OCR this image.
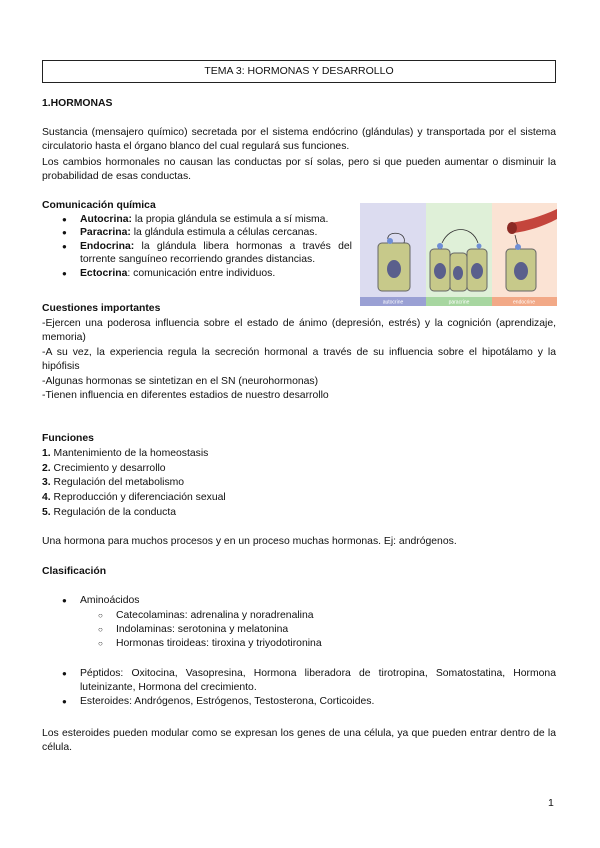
TEMA 3: HORMONAS Y DESARROLLO
1.HORMONAS
Sustancia (mensajero químico) secretada por el sistema endócrino (glándulas) y transportada por el sistema circulatorio hasta el órgano blanco del cual regulará sus funciones.
Los cambios hormonales no causan las conductas por sí solas, pero si que pueden aumentar o disminuir la probabilidad de esas conductas.
Comunicación química
● Autocrina: la propia glándula se estimula a sí misma.
● Paracrina: la glándula estimula a células cercanas.
● Endocrina: la glándula libera hormonas a través del torrente sanguíneo recorriendo grandes distancias.
● Ectocrina: comunicación entre individuos.
autocrine	paracrine	endocrine
Cuestiones importantes
-Ejercen una poderosa influencia sobre el estado de ánimo (depresión, estrés) y la cognición (aprendizaje, memoria)
-A su vez, la experiencia regula la secreción hormonal a través de su influencia sobre el hipotálamo y la hipófisis
-Algunas hormonas se sintetizan en el SN (neurohormonas)
-Tienen influencia en diferentes estadios de nuestro desarrollo
Funciones
1. Mantenimiento de la homeostasis
2. Crecimiento y desarrollo
3. Regulación del metabolismo
4. Reproducción y diferenciación sexual
5. Regulación de la conducta
Una hormona para muchos procesos y en un proceso muchas hormonas. Ej: andrógenos.
Clasificación
● Aminoácidos
○ Catecolaminas: adrenalina y noradrenalina
○ Indolaminas: serotonina y melatonina
○ Hormonas tiroideas: tiroxina y triyodotironina
● Péptidos: Oxitocina, Vasopresina, Hormona liberadora de tirotropina, Somatostatina, Hormona luteinizante, Hormona del crecimiento.
● Esteroides: Andrógenos, Estrógenos, Testosterona, Corticoides.
Los esteroides pueden modular como se expresan los genes de una célula, ya que pueden entrar dentro de la célula.
1
